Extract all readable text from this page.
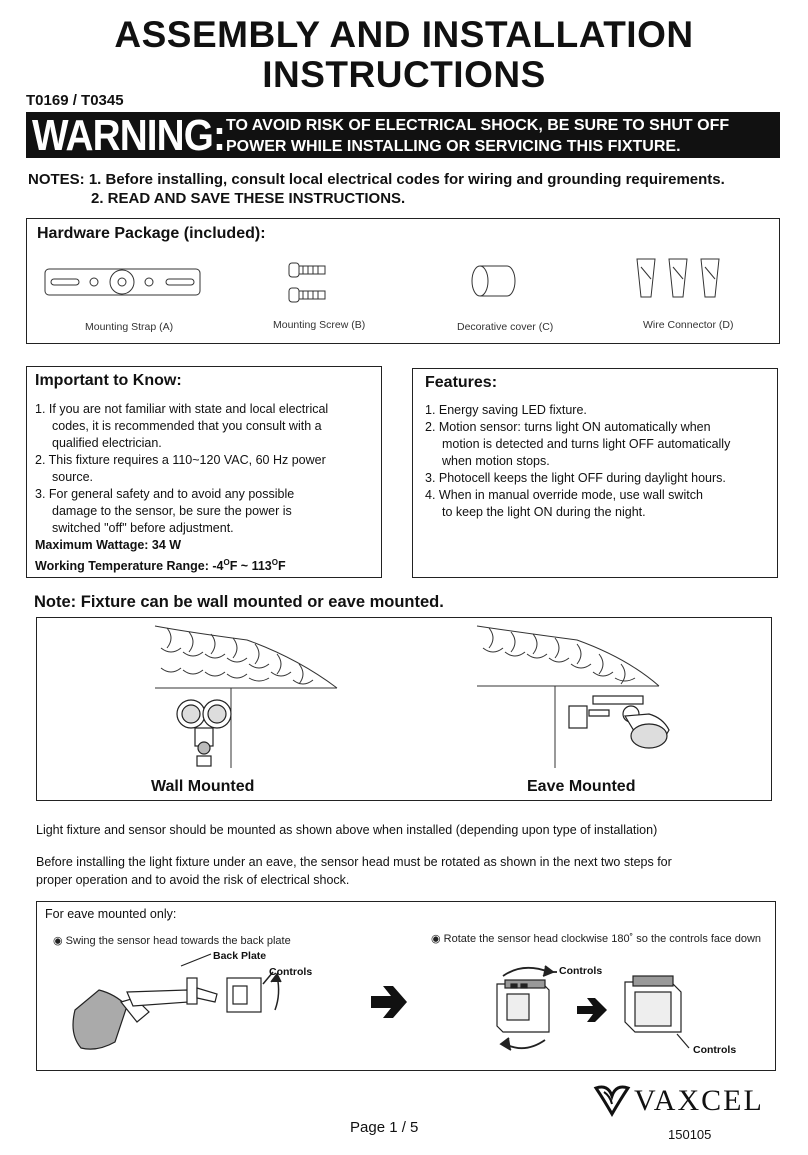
ASSEMBLY AND INSTALLATION
INSTRUCTIONS
T0169 / T0345
WARNING: TO AVOID RISK OF ELECTRICAL SHOCK, BE SURE TO SHUT OFF
POWER WHILE INSTALLING OR SERVICING THIS FIXTURE.
NOTES: 1. Before installing, consult local electrical codes for wiring and grounding requirements.
2. READ AND SAVE THESE INSTRUCTIONS.
Hardware Package (included):
Mounting Strap (A)	Mounting Screw (B)	Decorative cover (C)	Wire Connector (D)
Important to Know:
1. If you are not familiar with state and local electrical
codes, it is recommended that you consult with a
qualified electrician.
2. This fixture requires a 110~120 VAC, 60 Hz power
source.
3. For general safety and to avoid any possible
damage to the sensor, be sure the power is
switched "off" before adjustment.
Maximum Wattage: 34 W
Working Temperature Range: $-4^OF$ ~ $113^OF$
Features:
1. Energy saving LED fixture.
2. Motion sensor: turns light ON automatically when
motion is detected and turns light OFF automatically
when motion stops.
3. Photocell keeps the light OFF during daylight hours.
4. When in manual override mode, use wall switch
to keep the light ON during the night.
Note: Fixture can be wall mounted or eave mounted.
Wall Mounted	Eave Mounted
Light fixture and sensor should be mounted as shown above when installed (depending upon type of installation)
Before installing the light fixture under an eave, the sensor head must be rotated as shown in the next two steps for
proper operation and to avoid the risk of electrical shock.
For eave mounted only:
◉ Swing the sensor head towards the back plate	◉ Rotate the sensor head clockwise 180˚ so the controls face down
Back Plate
Controls	Controls
Controls
Page 1 / 5	150105
VAXCEL
